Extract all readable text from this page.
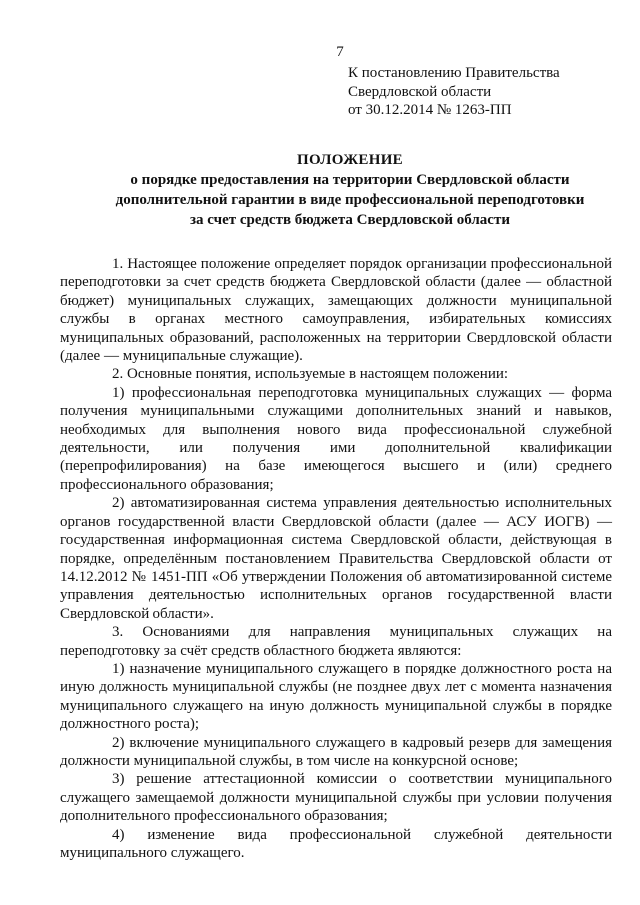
7
К постановлению Правительства
Свердловской области
от 30.12.2014 № 1263-ПП
ПОЛОЖЕНИЕ
о порядке предоставления на территории Свердловской области
дополнительной гарантии в виде профессиональной переподготовки
за счет средств бюджета Свердловской области

1. Настоящее положение определяет порядок организации профессиональной переподготовки за счет средств бюджета Свердловской области (далее — областной бюджет) муниципальных служащих, замещающих должности муниципальной службы в органах местного самоуправления, избирательных комиссиях муниципальных образований, расположенных на территории Свердловской области (далее — муниципальные служащие).

2. Основные понятия, используемые в настоящем положении:

1) профессиональная переподготовка муниципальных служащих — форма получения муниципальными служащими дополнительных знаний и навыков, необходимых для выполнения нового вида профессиональной служебной деятельности, или получения ими дополнительной квалификации (перепрофилирования) на базе имеющегося высшего и (или) среднего профессионального образования;

2) автоматизированная система управления деятельностью исполнительных органов государственной власти Свердловской области (далее — АСУ ИОГВ) — государственная информационная система Свердловской области, действующая в порядке, определённым постановлением Правительства Свердловской области от 14.12.2012 № 1451-ПП «Об утверждении Положения об автоматизированной системе управления деятельностью исполнительных органов государственной власти Свердловской области».

3. Основаниями для направления муниципальных служащих на переподготовку за счёт средств областного бюджета являются:

1) назначение муниципального служащего в порядке должностного роста на иную должность муниципальной службы (не позднее двух лет с момента назначения муниципального служащего на иную должность муниципальной службы в порядке должностного роста);

2) включение муниципального служащего в кадровый резерв для замещения должности муниципальной службы, в том числе на конкурсной основе;

3) решение аттестационной комиссии о соответствии муниципального служащего замещаемой должности муниципальной службы при условии получения дополнительного профессионального образования;

4) изменение вида профессиональной служебной деятельности муниципального служащего.
